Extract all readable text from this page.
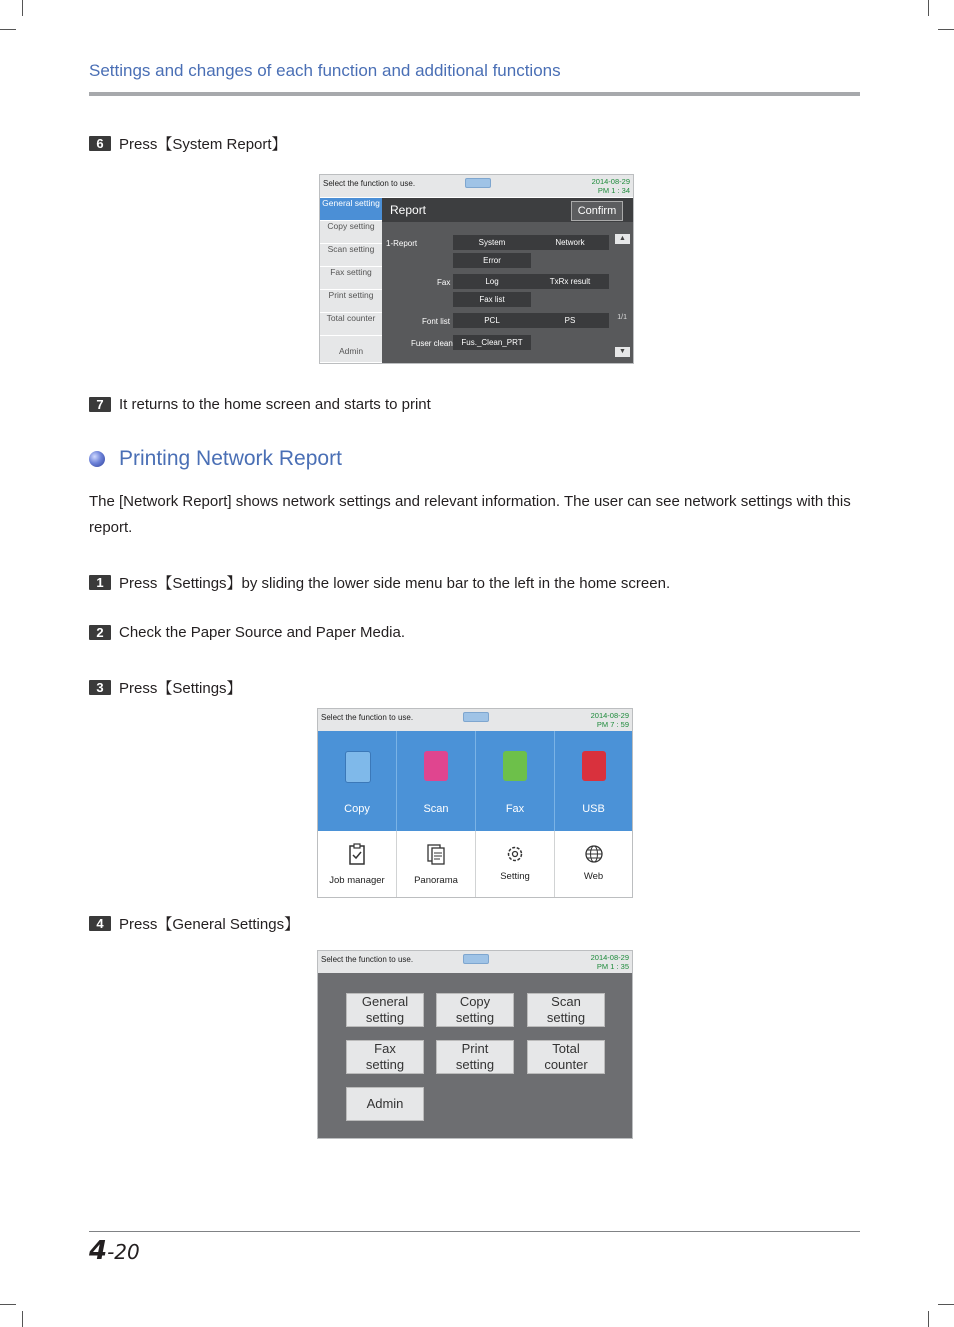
Settings and changes of each function and additional functions
6	Press【System Report】
Select the function to use.	2014-08-29
PM 1 : 34
General setting
Copy setting
Scan setting
Fax setting
Print setting
Total counter
Admin
Report	Confirm
1-Report
Fax
Font list
Fuser clean
System	Network
Error
Log	TxRx result
Fax list
PCL	PS
Fus._Clean_PRT
▲
1/1
▼
7	It returns to the home screen and starts to print
Printing Network Report
The [Network Report] shows network settings and relevant information. The user can see network settings with this report.
1	Press【Settings】by sliding the lower side menu bar to the left in the home screen.
2	Check the Paper Source and Paper Media.
3	Press【Settings】
Select the function to use.	2014-08-29
PM 7 : 59
Copy	Scan	Fax	USB
Job manager	Panorama	Setting	Web
4	Press【General Settings】
Select the function to use.	2014-08-29
PM 1 : 35
General
setting
Copy
setting
Scan
setting
Fax
setting
Print
setting
Total
counter
Admin
4-20
